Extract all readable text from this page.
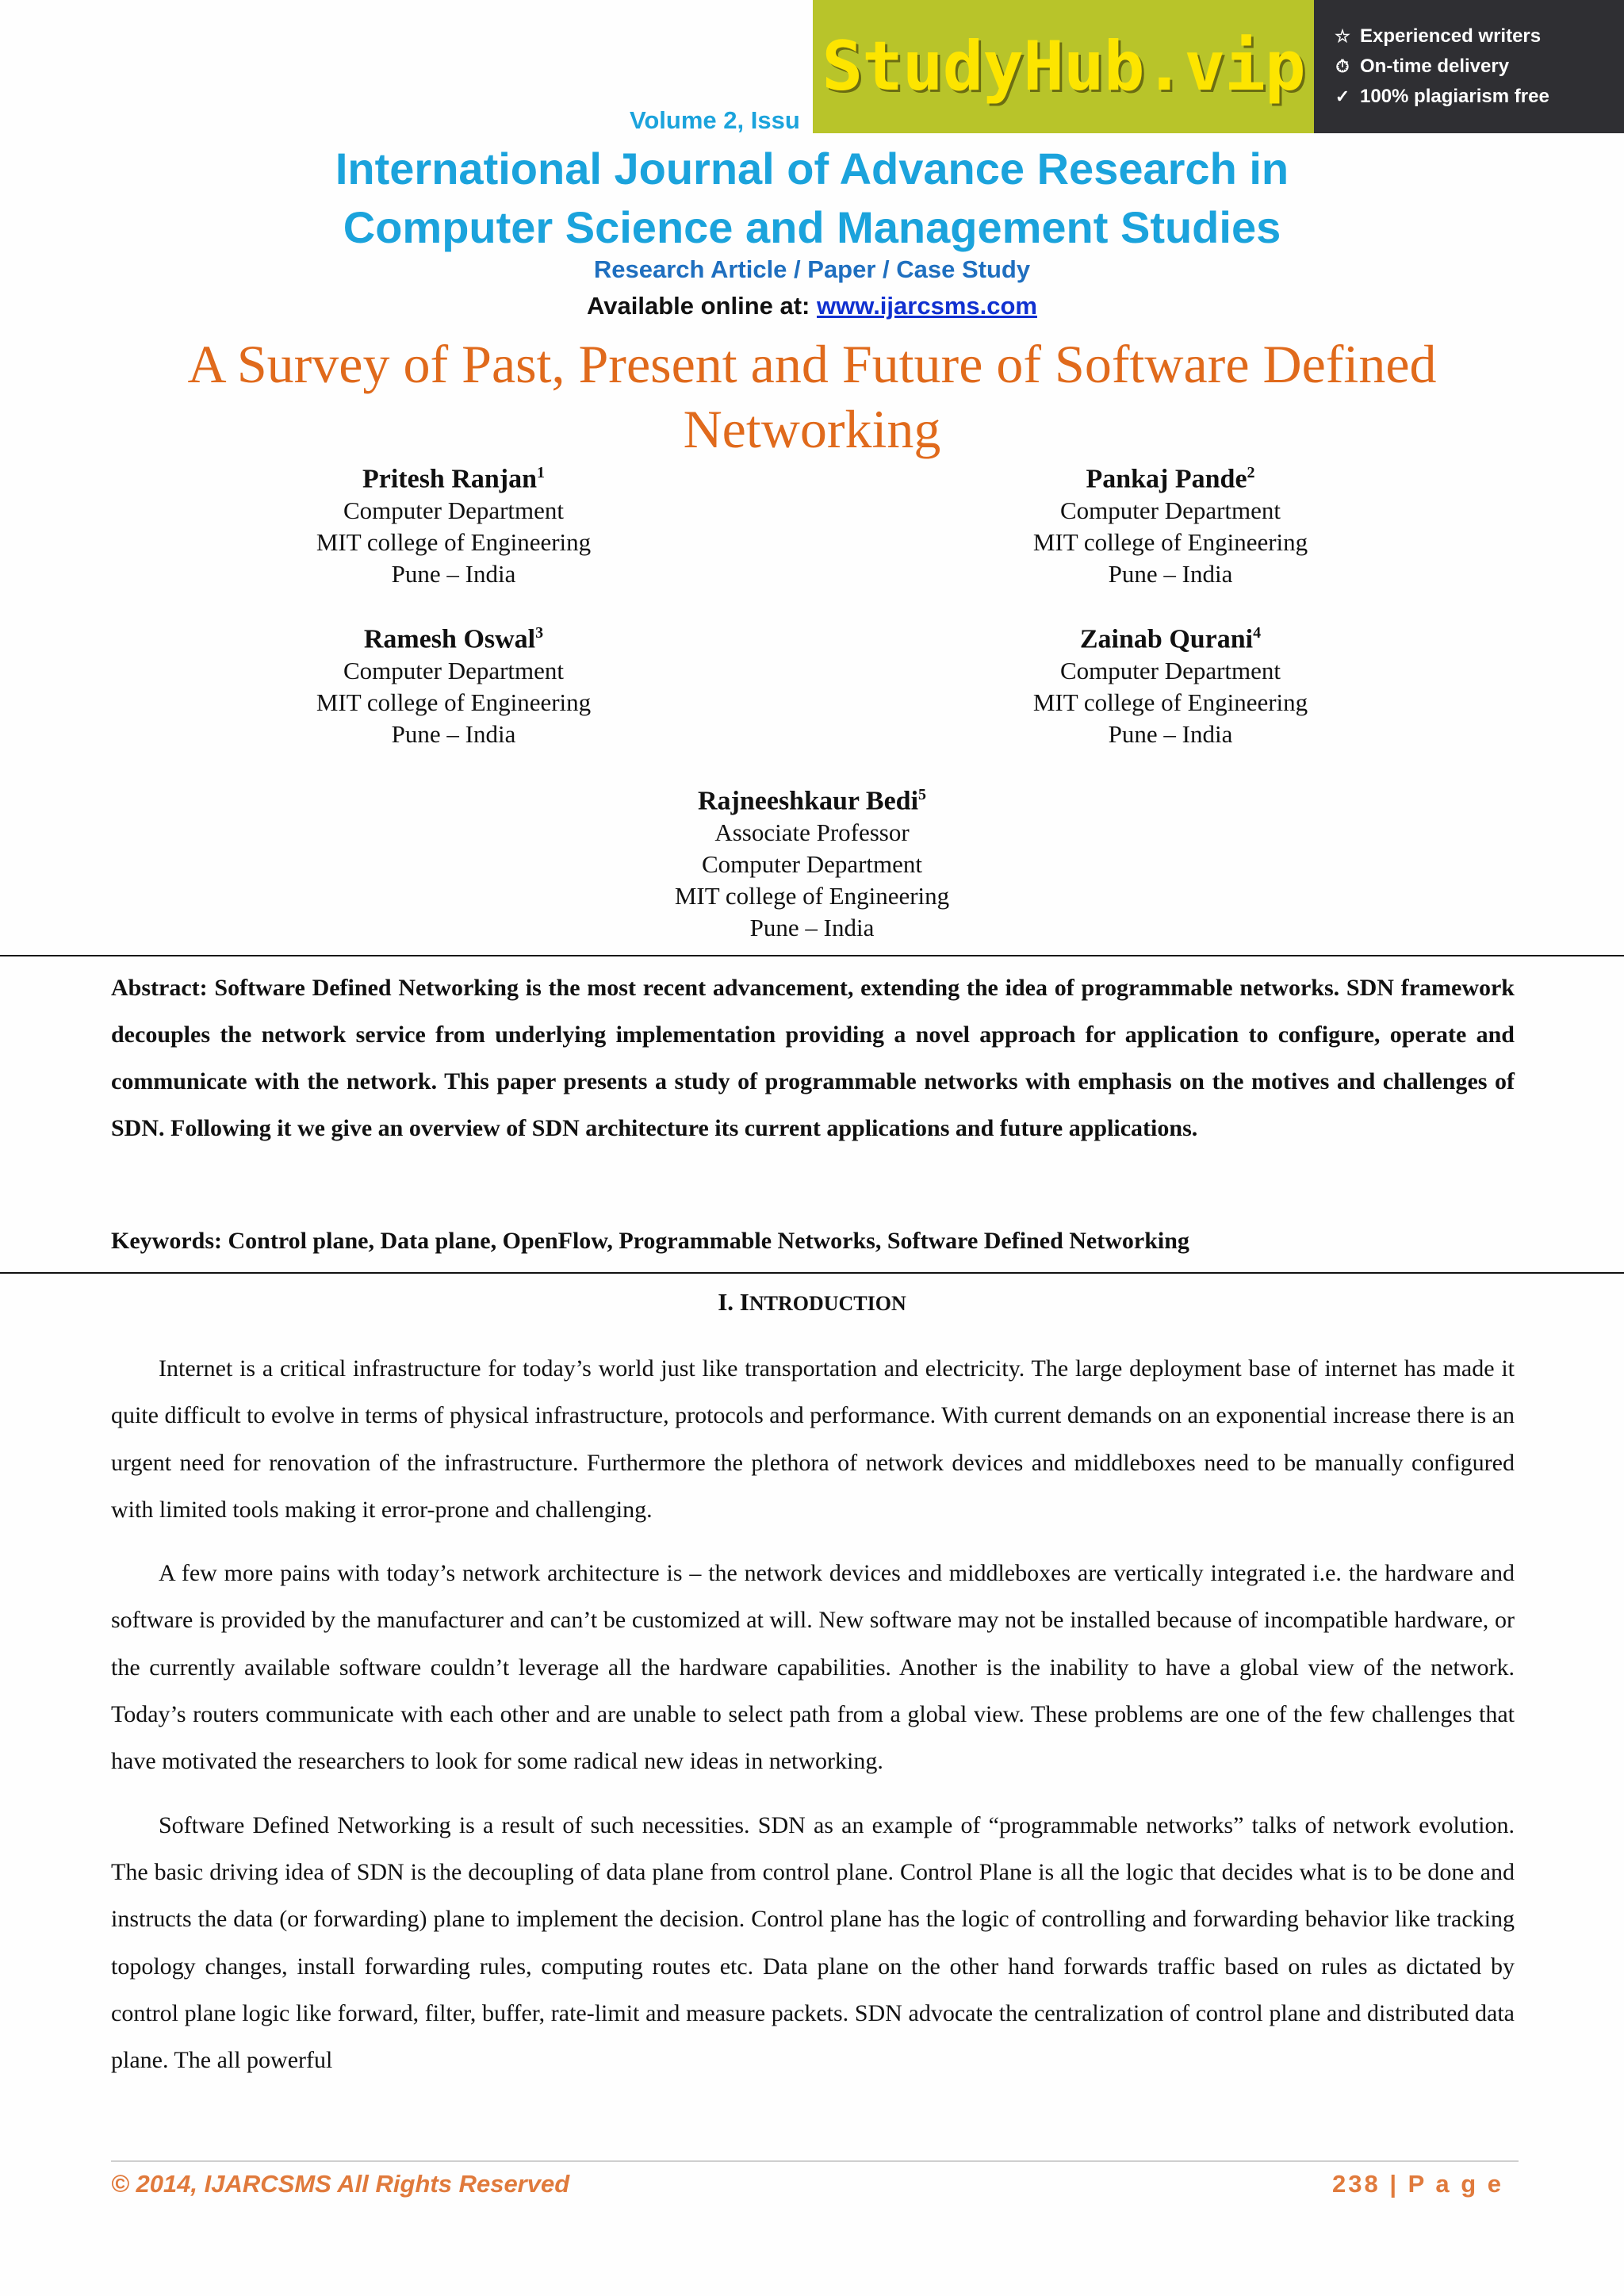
StudyHub.vip ☆ Experienced writers
⏱ On-time delivery
✓ 100% plagiarism free
Volume 2, Issu
International Journal of Advance Research in
Computer Science and Management Studies
Research Article / Paper / Case Study
Available online at: www.ijarcsms.com
A Survey of Past, Present and Future of Software Defined
Networking
Pritesh Ranjan$^1$
Computer Department
MIT college of Engineering
Pune – India
Pankaj Pande$^2$
Computer Department
MIT college of Engineering
Pune – India
Ramesh Oswal$^3$
Computer Department
MIT college of Engineering
Pune – India
Zainab Qurani$^4$
Computer Department
MIT college of Engineering
Pune – India
Rajneeshkaur Bedi$^5$
Associate Professor
Computer Department
MIT college of Engineering
Pune – India
Abstract: Software Defined Networking is the most recent advancement, extending the idea of programmable networks. SDN framework decouples the network service from underlying implementation providing a novel approach for application to configure, operate and communicate with the network. This paper presents a study of programmable networks with emphasis on the motives and challenges of SDN. Following it we give an overview of SDN architecture its current applications and future applications.
Keywords: Control plane, Data plane, OpenFlow, Programmable Networks, Software Defined Networking
I. INTRODUCTION

Internet is a critical infrastructure for today’s world just like transportation and electricity. The large deployment base of internet has made it quite difficult to evolve in terms of physical infrastructure, protocols and performance. With current demands on an exponential increase there is an urgent need for renovation of the infrastructure. Furthermore the plethora of network devices and middleboxes need to be manually configured with limited tools making it error-prone and challenging.

A few more pains with today’s network architecture is – the network devices and middleboxes are vertically integrated i.e. the hardware and software is provided by the manufacturer and can’t be customized at will. New software may not be installed because of incompatible hardware, or the currently available software couldn’t leverage all the hardware capabilities. Another is the inability to have a global view of the network. Today’s routers communicate with each other and are unable to select path from a global view. These problems are one of the few challenges that have motivated the researchers to look for some radical new ideas in networking.

Software Defined Networking is a result of such necessities. SDN as an example of “programmable networks” talks of network evolution. The basic driving idea of SDN is the decoupling of data plane from control plane. Control Plane is all the logic that decides what is to be done and instructs the data (or forwarding) plane to implement the decision. Control plane has the logic of controlling and forwarding behavior like tracking topology changes, install forwarding rules, computing routes etc. Data plane on the other hand forwards traffic based on rules as dictated by control plane logic like forward, filter, buffer, rate-limit and measure packets. SDN advocate the centralization of control plane and distributed data plane. The all powerful

© 2014, IJARCSMS All Rights Reserved	238 | P a g e
